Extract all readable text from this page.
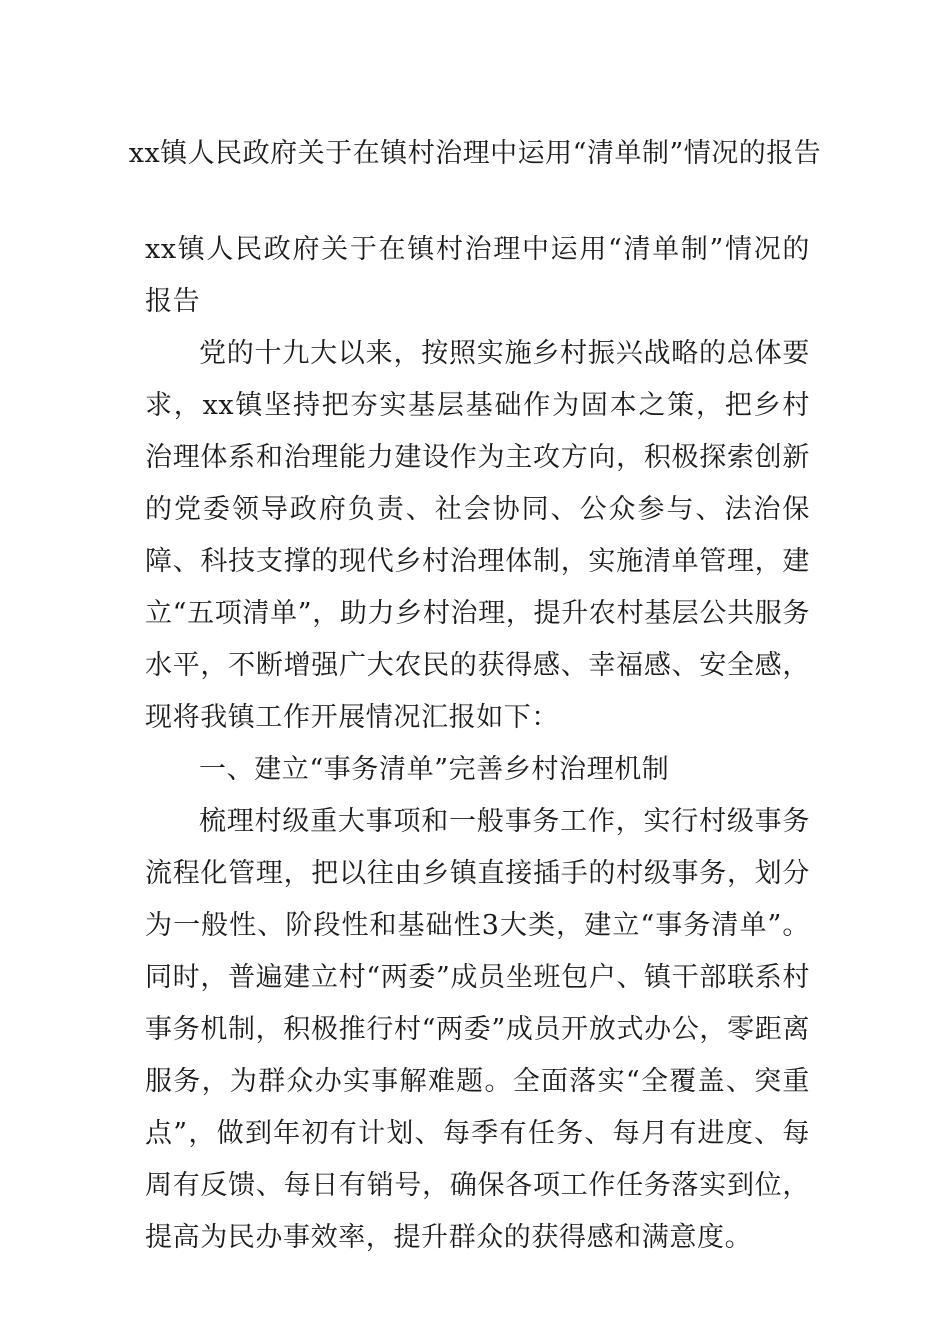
xx镇人民政府关于在镇村治理中运用“清单制”情况的报告

xx镇人民政府关于在镇村治理中运用“清单制”情况的报告

党的十九大以来，按照实施乡村振兴战略的总体要求，xx镇坚持把夯实基层基础作为固本之策，把乡村治理体系和治理能力建设作为主攻方向，积极探索创新的党委领导政府负责、社会协同、公众参与、法治保障、科技支撑的现代乡村治理体制，实施清单管理，建立“五项清单”，助力乡村治理，提升农村基层公共服务水平，不断增强广大农民的获得感、幸福感、安全感，现将我镇工作开展情况汇报如下：

一、建立“事务清单”完善乡村治理机制

梳理村级重大事项和一般事务工作，实行村级事务流程化管理，把以往由乡镇直接插手的村级事务，划分为一般性、阶段性和基础性3大类，建立“事务清单”。同时，普遍建立村“两委”成员坐班包户、镇干部联系村事务机制，积极推行村“两委”成员开放式办公，零距离服务，为群众办实事解难题。全面落实“全覆盖、突重点”，做到年初有计划、每季有任务、每月有进度、每周有反馈、每日有销号，确保各项工作任务落实到位，提高为民办事效率，提升群众的获得感和满意度。
